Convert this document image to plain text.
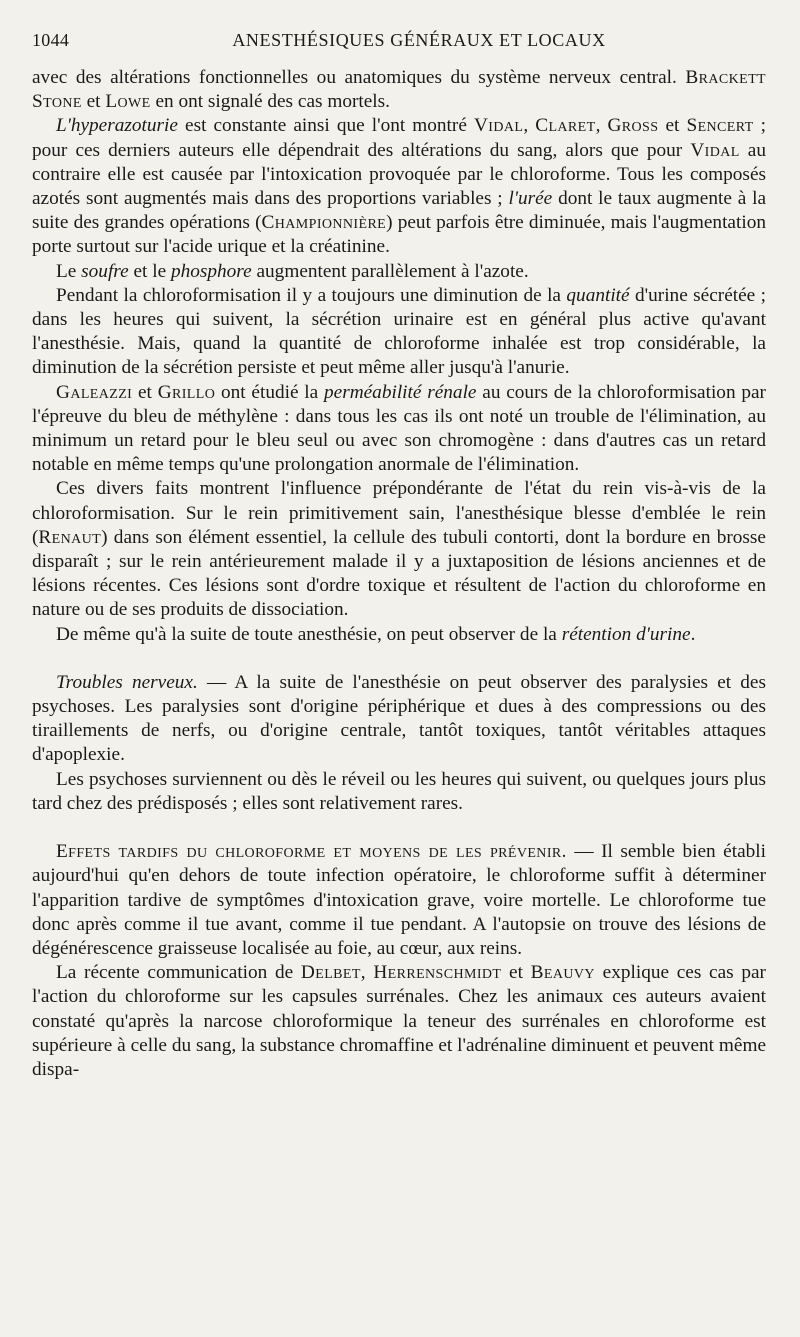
1044	ANESTHÉSIQUES GÉNÉRAUX ET LOCAUX

avec des altérations fonctionnelles ou anatomiques du système nerveux central. Brackett Stone et Lowe en ont signalé des cas mortels.

L'hyperazoturie est constante ainsi que l'ont montré Vidal, Claret, Gross et Sencert ; pour ces derniers auteurs elle dépendrait des altérations du sang, alors que pour Vidal au contraire elle est causée par l'intoxication provoquée par le chloroforme. Tous les composés azotés sont augmentés mais dans des proportions variables ; l'urée dont le taux augmente à la suite des grandes opérations (Championnière) peut parfois être diminuée, mais l'augmentation porte surtout sur l'acide urique et la créatinine.

Le soufre et le phosphore augmentent parallèlement à l'azote.

Pendant la chloroformisation il y a toujours une diminution de la quantité d'urine sécrétée ; dans les heures qui suivent, la sécrétion urinaire est en général plus active qu'avant l'anesthésie. Mais, quand la quantité de chloroforme inhalée est trop considérable, la diminution de la sécrétion persiste et peut même aller jusqu'à l'anurie.

Galeazzi et Grillo ont étudié la perméabilité rénale au cours de la chloroformisation par l'épreuve du bleu de méthylène : dans tous les cas ils ont noté un trouble de l'élimination, au minimum un retard pour le bleu seul ou avec son chromogène : dans d'autres cas un retard notable en même temps qu'une prolongation anormale de l'élimination.

Ces divers faits montrent l'influence prépondérante de l'état du rein vis-à-vis de la chloroformisation. Sur le rein primitivement sain, l'anesthésique blesse d'emblée le rein (Renaut) dans son élément essentiel, la cellule des tubuli contorti, dont la bordure en brosse disparaît ; sur le rein antérieurement malade il y a juxtaposition de lésions anciennes et de lésions récentes. Ces lésions sont d'ordre toxique et résultent de l'action du chloroforme en nature ou de ses produits de dissociation.

De même qu'à la suite de toute anesthésie, on peut observer de la rétention d'urine.

Troubles nerveux. — A la suite de l'anesthésie on peut observer des paralysies et des psychoses. Les paralysies sont d'origine périphérique et dues à des compressions ou des tiraillements de nerfs, ou d'origine centrale, tantôt toxiques, tantôt véritables attaques d'apoplexie.

Les psychoses surviennent ou dès le réveil ou les heures qui suivent, ou quelques jours plus tard chez des prédisposés ; elles sont relativement rares.

Effets tardifs du chloroforme et moyens de les prévenir. — Il semble bien établi aujourd'hui qu'en dehors de toute infection opératoire, le chloroforme suffit à déterminer l'apparition tardive de symptômes d'intoxication grave, voire mortelle. Le chloroforme tue donc après comme il tue avant, comme il tue pendant. A l'autopsie on trouve des lésions de dégénérescence graisseuse localisée au foie, au cœur, aux reins.

La récente communication de Delbet, Herrenschmidt et Beauvy explique ces cas par l'action du chloroforme sur les capsules surrénales. Chez les animaux ces auteurs avaient constaté qu'après la narcose chloroformique la teneur des surrénales en chloroforme est supérieure à celle du sang, la substance chromaffine et l'adrénaline diminuent et peuvent même dispa-
